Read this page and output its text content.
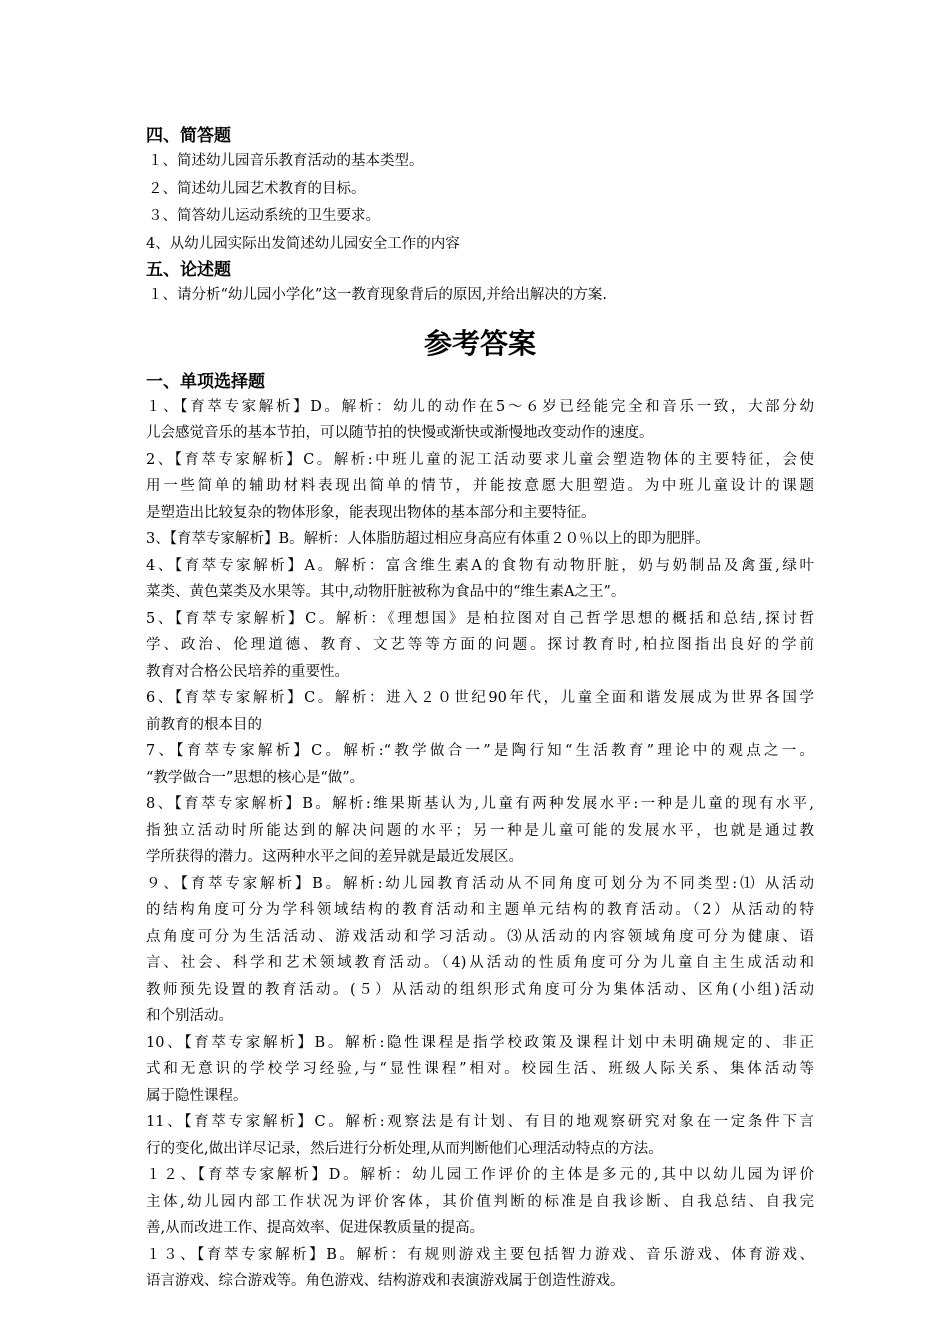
四、简答题

１、简述幼儿园音乐教育活动的基本类型。

２、简述幼儿园艺术教育的目标。

３、简答幼儿运动系统的卫生要求。

4、从幼儿园实际出发简述幼儿园安全工作的内容

五、论述题

１、请分析“幼儿园小学化”这一教育现象背后的原因,并给出解决的方案.

参考答案

一、单项选择题

１、【育萃专家解析】D。解析：幼儿的动作在5～６岁已经能完全和音乐一致，大部分幼

儿会感觉音乐的基本节拍，可以随节拍的快慢或渐快或渐慢地改变动作的速度。

2、【育萃专家解析】C。解析:中班儿童的泥工活动要求儿童会塑造物体的主要特征，会使

用一些简单的辅助材料表现出简单的情节，并能按意愿大胆塑造。为中班儿童设计的课题

是塑造出比较复杂的物体形象，能表现出物体的基本部分和主要特征。

3、【育萃专家解析】B。解析：人体脂肪超过相应身高应有体重２０％以上的即为肥胖。

4、【育萃专家解析】A。解析：富含维生素A的食物有动物肝脏，奶与奶制品及禽蛋,绿叶

菜类、黄色菜类及水果等。其中,动物肝脏被称为食品中的“维生素A之王”。

5、【育萃专家解析】C。解析：《理想国》是柏拉图对自己哲学思想的概括和总结,探讨哲

学、政治、伦理道德、教育、文艺等等方面的问题。探讨教育时,柏拉图指出良好的学前

教育对合格公民培养的重要性。

6、【育萃专家解析】C。解析：进入２０世纪90年代，儿童全面和谐发展成为世界各国学

前教育的根本目的

7、【育萃专家解析】C。解析:“教学做合一”是陶行知“生活教育”理论中的观点之一。

“教学做合一”思想的核心是“做”。

8、【育萃专家解析】B。解析:维果斯基认为,儿童有两种发展水平:一种是儿童的现有水平,

指独立活动时所能达到的解决问题的水平；另一种是儿童可能的发展水平，也就是通过教

学所获得的潜力。这两种水平之间的差异就是最近发展区。

９、【育萃专家解析】B。解析:幼儿园教育活动从不同角度可划分为不同类型:⑴ 从活动

的结构角度可分为学科领域结构的教育活动和主题单元结构的教育活动。（2）从活动的特

点角度可分为生活活动、游戏活动和学习活动。⑶从活动的内容领域角度可分为健康、语

言、社会、科学和艺术领域教育活动。（4)从活动的性质角度可分为儿童自主生成活动和

教师预先设置的教育活动。(５）从活动的组织形式角度可分为集体活动、区角(小组)活动

和个别活动。

10、【育萃专家解析】B。解析:隐性课程是指学校政策及课程计划中未明确规定的、非正

式和无意识的学校学习经验,与“显性课程”相对。校园生活、班级人际关系、集体活动等

属于隐性课程。

11、【育萃专家解析】C。解析:观察法是有计划、有目的地观察研究对象在一定条件下言

行的变化,做出详尽记录，然后进行分析处理,从而判断他们心理活动特点的方法。

１２、【育萃专家解析】D。解析：幼儿园工作评价的主体是多元的,其中以幼儿园为评价

主体,幼儿园内部工作状况为评价客体，其价值判断的标准是自我诊断、自我总结、自我完

善,从而改进工作、提高效率、促进保教质量的提高。

１３、【育萃专家解析】B。解析：有规则游戏主要包括智力游戏、音乐游戏、体育游戏、

语言游戏、综合游戏等。角色游戏、结构游戏和表演游戏属于创造性游戏。
